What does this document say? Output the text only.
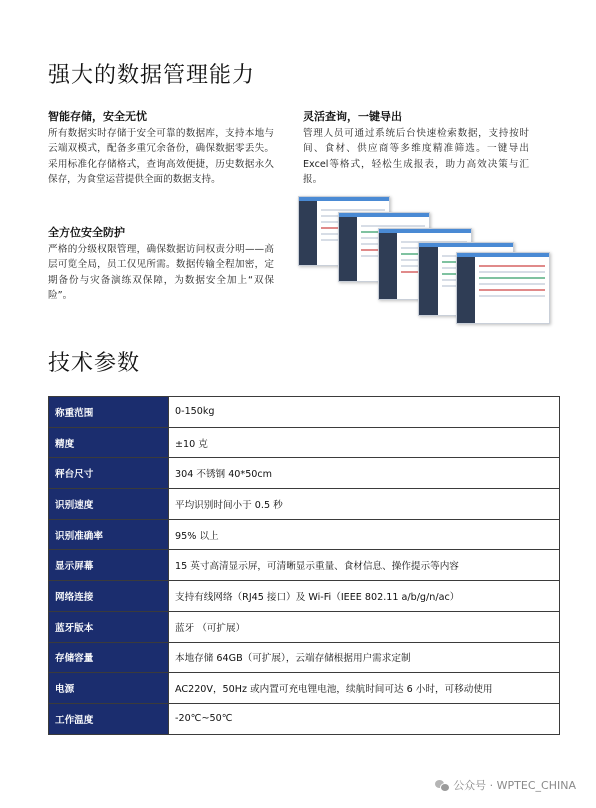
强大的数据管理能力
智能存储，安全无忧

所有数据实时存储于安全可靠的数据库，支持本地与云端双模式，配备多重冗余备份，确保数据零丢失。采用标准化存储格式，查询高效便捷，历史数据永久保存，为食堂运营提供全面的数据支持。

灵活查询，一键导出

管理人员可通过系统后台快速检索数据，支持按时间、食材、供应商等多维度精准筛选。一键导出Excel等格式，轻松生成报表，助力高效决策与汇报。

全方位安全防护

严格的分级权限管理，确保数据访问权责分明——高层可览全局，员工仅见所需。数据传输全程加密，定期备份与灾备演练双保障，为数据安全加上“双保险”。

技术参数
称重范围	0-150kg
精度	±10 克
秤台尺寸	304 不锈钢 40*50cm
识别速度	平均识别时间小于 0.5 秒
识别准确率	95% 以上
显示屏幕	15 英寸高清显示屏，可清晰显示重量、食材信息、操作提示等内容
网络连接	支持有线网络（RJ45 接口）及 Wi-Fi（IEEE 802.11 a/b/g/n/ac）
蓝牙版本	蓝牙 （可扩展）
存储容量	本地存储 64GB（可扩展），云端存储根据用户需求定制
电源	AC220V，50Hz 或内置可充电锂电池，续航时间可达 6 小时，可移动使用
工作温度	-20℃~50℃
公众号 · WPTEC_CHINA
